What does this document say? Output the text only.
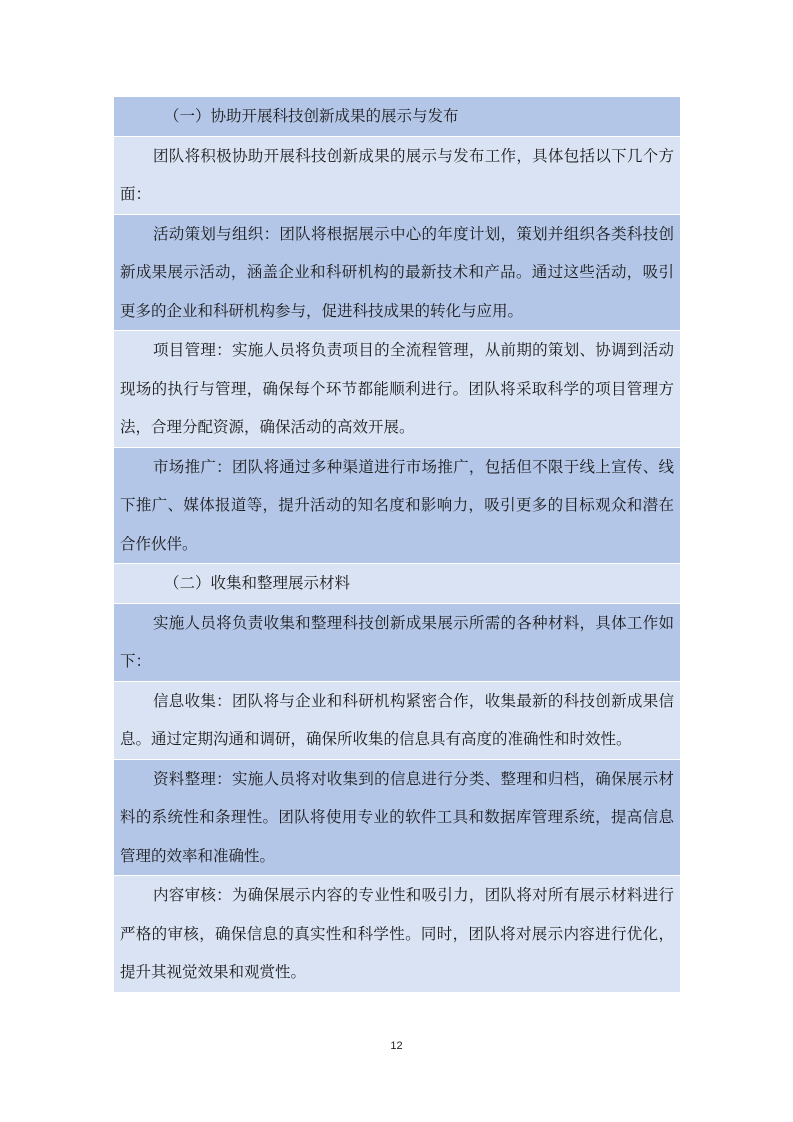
（一）协助开展科技创新成果的展示与发布
团队将积极协助开展科技创新成果的展示与发布工作，具体包括以下几个方面：
活动策划与组织：团队将根据展示中心的年度计划，策划并组织各类科技创新成果展示活动，涵盖企业和科研机构的最新技术和产品。通过这些活动，吸引更多的企业和科研机构参与，促进科技成果的转化与应用。
项目管理：实施人员将负责项目的全流程管理，从前期的策划、协调到活动现场的执行与管理，确保每个环节都能顺利进行。团队将采取科学的项目管理方法，合理分配资源，确保活动的高效开展。
市场推广：团队将通过多种渠道进行市场推广，包括但不限于线上宣传、线下推广、媒体报道等，提升活动的知名度和影响力，吸引更多的目标观众和潜在合作伙伴。
（二）收集和整理展示材料
实施人员将负责收集和整理科技创新成果展示所需的各种材料，具体工作如下：
信息收集：团队将与企业和科研机构紧密合作，收集最新的科技创新成果信息。通过定期沟通和调研，确保所收集的信息具有高度的准确性和时效性。
资料整理：实施人员将对收集到的信息进行分类、整理和归档，确保展示材料的系统性和条理性。团队将使用专业的软件工具和数据库管理系统，提高信息管理的效率和准确性。
内容审核：为确保展示内容的专业性和吸引力，团队将对所有展示材料进行严格的审核，确保信息的真实性和科学性。同时，团队将对展示内容进行优化，提升其视觉效果和观赏性。
12
